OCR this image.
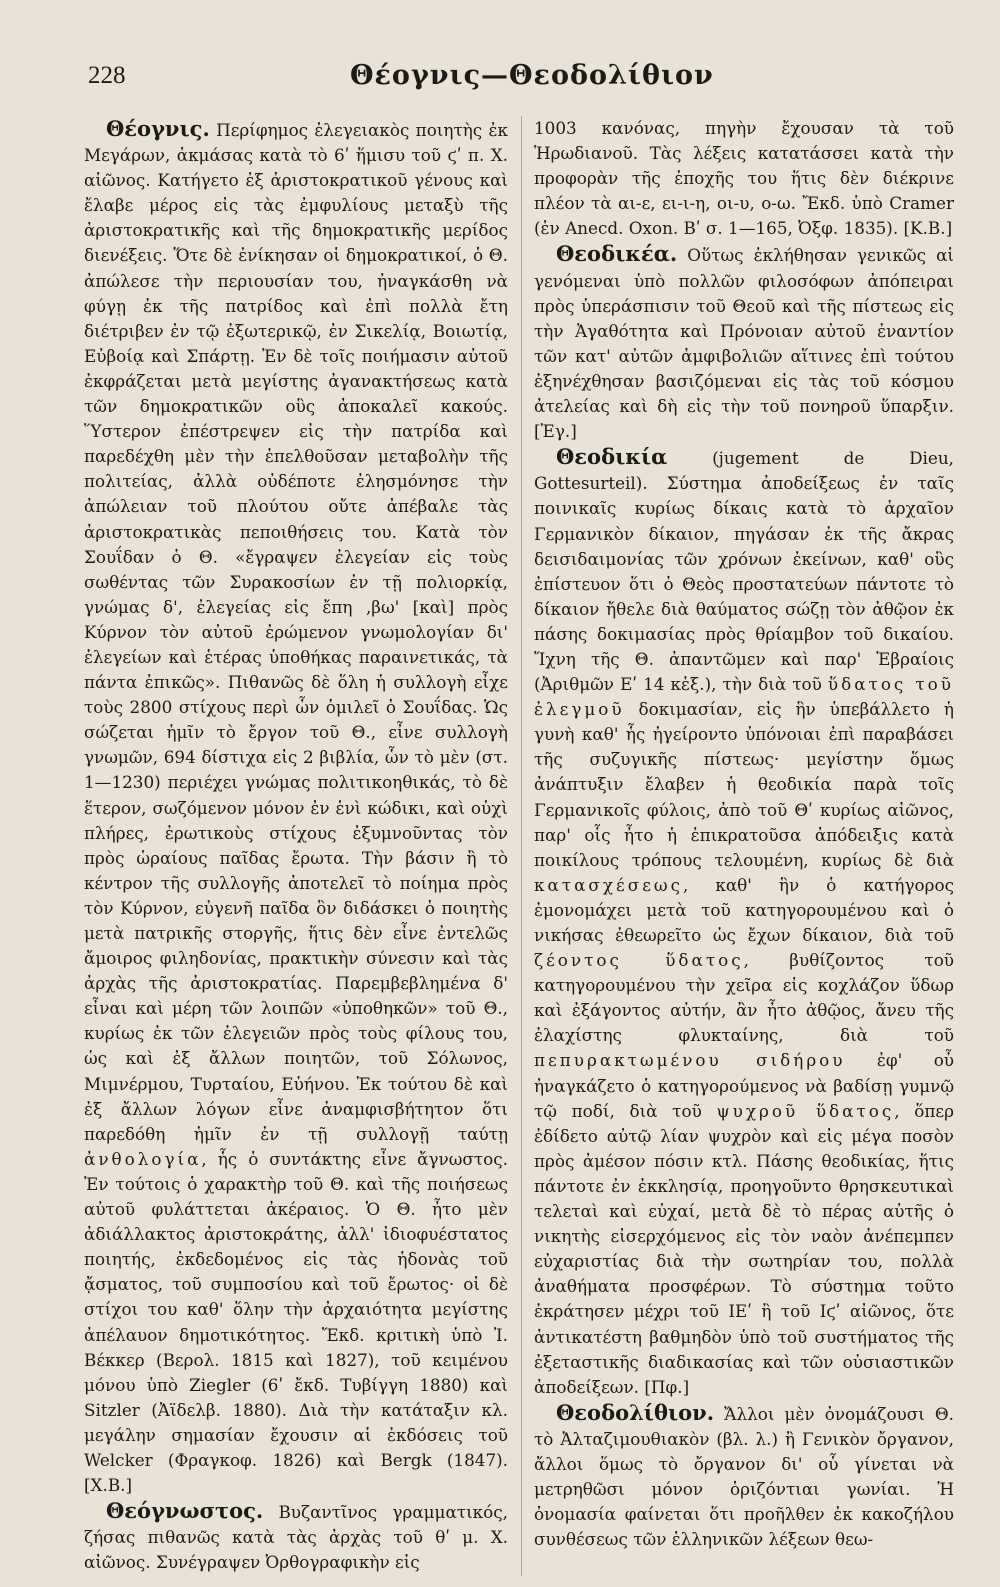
228	Θέογνις—Θεοδολίθιον

Θέογνις. Περίφημος ἐλεγειακὸς ποιητὴς ἐκ Μεγάρων, ἀκμάσας κατὰ τὸ 6ʹ ἥμισυ τοῦ ϛʹ π. Χ. αἰῶνος. Κατήγετο ἐξ ἀριστοκρατικοῦ γένους καὶ ἔλαβε μέρος εἰς τὰς ἐμφυλίους μεταξὺ τῆς ἀριστοκρατικῆς καὶ τῆς δημοκρατικῆς μερίδος διενέξεις. Ὅτε δὲ ἐνίκησαν οἱ δημοκρατικοί, ὁ Θ. ἀπώλεσε τὴν περιουσίαν του, ἠναγκάσθη νὰ φύγῃ ἐκ τῆς πατρίδος καὶ ἐπὶ πολλὰ ἔτη διέτριβεν ἐν τῷ ἐξωτερικῷ, ἐν Σικελίᾳ, Βοιωτίᾳ, Εὐβοίᾳ καὶ Σπάρτῃ. Ἐν δὲ τοῖς ποιήμασιν αὐτοῦ ἐκφράζεται μετὰ μεγίστης ἀγανακτήσεως κατὰ τῶν δημοκρατικῶν οὓς ἀποκαλεῖ κακούς. Ὕστερον ἐπέστρεψεν εἰς τὴν πατρίδα καὶ παρεδέχθη μὲν τὴν ἐπελθοῦσαν μεταβολὴν τῆς πολιτείας, ἀλλὰ οὐδέποτε ἐλησμόνησε τὴν ἀπώλειαν τοῦ πλούτου οὔτε ἀπέβαλε τὰς ἀριστοκρατικὰς πεποιθήσεις του. Κατὰ τὸν Σουΐδαν ὁ Θ. «ἔγραψεν ἐλεγείαν εἰς τοὺς σωθέντας τῶν Συρακοσίων ἐν τῇ πολιορκίᾳ, γνώμας δ', ἐλεγείας εἰς ἔπη ‚βω' [καὶ] πρὸς Κύρνον τὸν αὐτοῦ ἐρώμενον γνωμολογίαν δι' ἐλεγείων καὶ ἑτέρας ὑποθήκας παραινετικάς, τὰ πάντα ἐπικῶς». Πιθανῶς δὲ ὅλη ἡ συλλογὴ εἶχε τοὺς 2800 στίχους περὶ ὧν ὁμιλεῖ ὁ Σουΐδας. Ὡς σώζεται ἡμῖν τὸ ἔργον τοῦ Θ., εἶνε συλλογὴ γνωμῶν, 694 δίστιχα εἰς 2 βιβλία, ὧν τὸ μὲν (στ. 1—1230) περιέχει γνώμας πολιτικοηθικάς, τὸ δὲ ἕτερον, σωζόμενον μόνον ἐν ἑνὶ κώδικι, καὶ οὐχὶ πλήρες, ἐρωτικοὺς στίχους ἐξυμνοῦντας τὸν πρὸς ὡραίους παῖδας ἔρωτα. Τὴν βάσιν ἢ τὸ κέντρον τῆς συλλογῆς ἀποτελεῖ τὸ ποίημα πρὸς τὸν Κύρνον, εὐγενῆ παῖδα ὃν διδάσκει ὁ ποιητὴς μετὰ πατρικῆς στοργῆς, ἥτις δὲν εἶνε ἐντελῶς ἄμοιρος φιληδονίας, πρακτικὴν σύνεσιν καὶ τὰς ἀρχὰς τῆς ἀριστοκρατίας. Παρεμβεβλημένα δ' εἶναι καὶ μέρη τῶν λοιπῶν «ὑποθηκῶν» τοῦ Θ., κυρίως ἐκ τῶν ἐλεγειῶν πρὸς τοὺς φίλους του, ὡς καὶ ἐξ ἄλλων ποιητῶν, τοῦ Σόλωνος, Μιμνέρμου, Τυρταίου, Εὐήνου. Ἐκ τούτου δὲ καὶ ἐξ ἄλλων λόγων εἶνε ἀναμφισβήτητον ὅτι παρεδόθη ἡμῖν ἐν τῇ συλλογῇ ταύτῃ ἀνθολογία, ἧς ὁ συντάκτης εἶνε ἄγνωστος. Ἐν τούτοις ὁ χαρακτὴρ τοῦ Θ. καὶ τῆς ποιήσεως αὐτοῦ φυλάττεται ἀκέραιος. Ὁ Θ. ἦτο μὲν ἀδιάλλακτος ἀριστοκράτης, ἀλλ' ἰδιοφυέστατος ποιητής, ἐκδεδομένος εἰς τὰς ἡδονὰς τοῦ ᾄσματος, τοῦ συμποσίου καὶ τοῦ ἔρωτος· οἱ δὲ στίχοι του καθ' ὅλην τὴν ἀρχαιότητα μεγίστης ἀπέλαυον δημοτικότητος. Ἔκδ. κριτικὴ ὑπὸ Ἰ. Βέκκερ (Βερολ. 1815 καὶ 1827), τοῦ κειμένου μόνου ὑπὸ Ziegler (6ʹ ἔκδ. Τυβίγγη 1880) καὶ Sitzler (Ἀϊδελβ. 1880). Διὰ τὴν κατάταξιν κλ. μεγάλην σημασίαν ἔχουσιν αἱ ἐκδόσεις τοῦ Welcker (Φραγκοφ. 1826) καὶ Bergk (1847). [Χ.Β.]

Θεόγνωστος. Βυζαντῖνος γραμματικός, ζήσας πιθανῶς κατὰ τὰς ἀρχὰς τοῦ θʹ μ. Χ. αἰῶνος. Συνέγραψεν Ὀρθογραφικὴν εἰς

1003 κανόνας, πηγὴν ἔχουσαν τὰ τοῦ Ἡρωδιανοῦ. Τὰς λέξεις κατατάσσει κατὰ τὴν προφορὰν τῆς ἐποχῆς του ἥτις δὲν διέκρινε πλέον τὰ αι-ε, ει-ι-η, οι-υ, ο-ω. Ἔκδ. ὑπὸ Cramer (ἐν Anecd. Oxon. Βʹ σ. 1—165, Ὀξφ. 1835). [Κ.Β.]

Θεοδικέα. Οὕτως ἐκλήθησαν γενικῶς αἱ γενόμεναι ὑπὸ πολλῶν φιλοσόφων ἀπόπειραι πρὸς ὑπεράσπισιν τοῦ Θεοῦ καὶ τῆς πίστεως εἰς τὴν Ἀγαθότητα καὶ Πρόνοιαν αὐτοῦ ἐναντίον τῶν κατ' αὐτῶν ἀμφιβολιῶν αἵτινες ἐπὶ τούτου ἐξηνέχθησαν βασιζόμεναι εἰς τὰς τοῦ κόσμου ἀτελείας καὶ δὴ εἰς τὴν τοῦ πονηροῦ ὕπαρξιν. [Ἐγ.]

Θεοδικία (jugement de Dieu, Gottesurteil). Σύστημα ἀποδείξεως ἐν ταῖς ποινικαῖς κυρίως δίκαις κατὰ τὸ ἀρχαῖον Γερμανικὸν δίκαιον, πηγάσαν ἐκ τῆς ἄκρας δεισιδαιμονίας τῶν χρόνων ἐκείνων, καθ' οὓς ἐπίστευον ὅτι ὁ Θεὸς προστατεύων πάντοτε τὸ δίκαιον ἤθελε διὰ θαύματος σώζῃ τὸν ἀθῷον ἐκ πάσης δοκιμασίας πρὸς θρίαμβον τοῦ δικαίου. Ἴχνη τῆς Θ. ἀπαντῶμεν καὶ παρ' Ἑβραίοις (Ἀριθμῶν Εʹ 14 κἑξ.), τὴν διὰ τοῦ ὕδατος τοῦ ἐλεγμοῦ δοκιμασίαν, εἰς ἣν ὑπεβάλλετο ἡ γυνὴ καθ' ἧς ἠγείροντο ὑπόνοιαι ἐπὶ παραβάσει τῆς συζυγικῆς πίστεως· μεγίστην ὅμως ἀνάπτυξιν ἔλαβεν ἡ θεοδικία παρὰ τοῖς Γερμανικοῖς φύλοις, ἀπὸ τοῦ Θʹ κυρίως αἰῶνος, παρ' οἷς ἦτο ἡ ἐπικρατοῦσα ἀπόδειξις κατὰ ποικίλους τρόπους τελουμένη, κυρίως δὲ διὰ κατασχέσεως, καθ' ἣν ὁ κατήγορος ἐμονομάχει μετὰ τοῦ κατηγορουμένου καὶ ὁ νικήσας ἐθεωρεῖτο ὡς ἔχων δίκαιον, διὰ τοῦ ζέοντος ὕδατος, βυθίζοντος τοῦ κατηγορουμένου τὴν χεῖρα εἰς κοχλάζον ὕδωρ καὶ ἐξάγοντος αὐτήν, ἂν ἦτο ἀθῷος, ἄνευ τῆς ἐλαχίστης φλυκταίνης, διὰ τοῦ πεπυρακτωμένου σιδήρου ἐφ' οὗ ἠναγκάζετο ὁ κατηγορούμενος νὰ βαδίσῃ γυμνῷ τῷ ποδί, διὰ τοῦ ψυχροῦ ὕδατος, ὅπερ ἐδίδετο αὐτῷ λίαν ψυχρὸν καὶ εἰς μέγα ποσὸν πρὸς ἀμέσον πόσιν κτλ. Πάσης θεοδικίας, ἥτις πάντοτε ἐν ἐκκλησίᾳ, προηγοῦντο θρησκευτικαὶ τελεταὶ καὶ εὐχαί, μετὰ δὲ τὸ πέρας αὐτῆς ὁ νικητὴς εἰσερχόμενος εἰς τὸν ναὸν ἀνέπεμπεν εὐχαριστίας διὰ τὴν σωτηρίαν του, πολλὰ ἀναθήματα προσφέρων. Τὸ σύστημα τοῦτο ἐκράτησεν μέχρι τοῦ ΙΕʹ ἢ τοῦ Ιϛʹ αἰῶνος, ὅτε ἀντικατέστη βαθμηδὸν ὑπὸ τοῦ συστήματος τῆς ἐξεταστικῆς διαδικασίας καὶ τῶν οὐσιαστικῶν ἀποδείξεων. [Πφ.]

Θεοδολίθιον. Ἄλλοι μὲν ὀνομάζουσι Θ. τὸ Ἀλταζιμουθιακὸν (βλ. λ.) ἢ Γενικὸν ὄργανον, ἄλλοι ὅμως τὸ ὄργανον δι' οὗ γίνεται νὰ μετρηθῶσι μόνον ὁριζόντιαι γωνίαι. Ἡ ὀνομασία φαίνεται ὅτι προῆλθεν ἐκ κακοζήλου συνθέσεως τῶν ἑλληνικῶν λέξεων θεω-
